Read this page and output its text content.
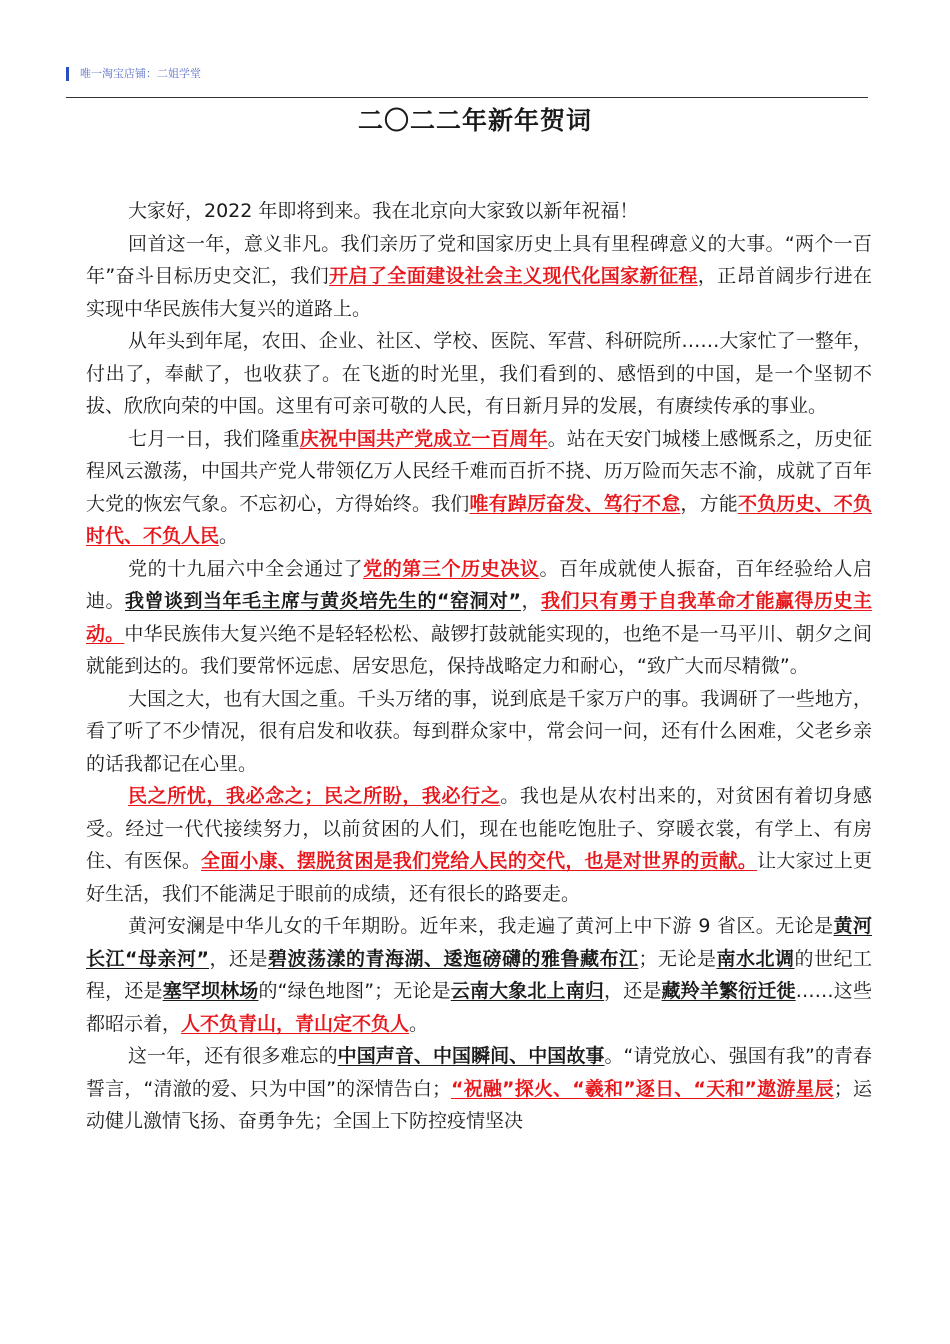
唯一淘宝店铺：二姐学堂
二〇二二年新年贺词

大家好，2022 年即将到来。我在北京向大家致以新年祝福！

回首这一年，意义非凡。我们亲历了党和国家历史上具有里程碑意义的大事。“两个一百年”奋斗目标历史交汇，我们开启了全面建设社会主义现代化国家新征程，正昂首阔步行进在实现中华民族伟大复兴的道路上。

从年头到年尾，农田、企业、社区、学校、医院、军营、科研院所……大家忙了一整年，付出了，奉献了，也收获了。在飞逝的时光里，我们看到的、感悟到的中国，是一个坚韧不拔、欣欣向荣的中国。这里有可亲可敬的人民，有日新月异的发展，有赓续传承的事业。

七月一日，我们隆重庆祝中国共产党成立一百周年。站在天安门城楼上感慨系之，历史征程风云激荡，中国共产党人带领亿万人民经千难而百折不挠、历万险而矢志不渝，成就了百年大党的恢宏气象。不忘初心，方得始终。我们唯有踔厉奋发、笃行不怠，方能不负历史、不负时代、不负人民。

党的十九届六中全会通过了党的第三个历史决议。百年成就使人振奋，百年经验给人启迪。我曾谈到当年毛主席与黄炎培先生的“窑洞对”，我们只有勇于自我革命才能赢得历史主动。中华民族伟大复兴绝不是轻轻松松、敲锣打鼓就能实现的，也绝不是一马平川、朝夕之间就能到达的。我们要常怀远虑、居安思危，保持战略定力和耐心，“致广大而尽精微”。

大国之大，也有大国之重。千头万绪的事，说到底是千家万户的事。我调研了一些地方，看了听了不少情况，很有启发和收获。每到群众家中，常会问一问，还有什么困难，父老乡亲的话我都记在心里。

民之所忧，我必念之；民之所盼，我必行之。我也是从农村出来的，对贫困有着切身感受。经过一代代接续努力，以前贫困的人们，现在也能吃饱肚子、穿暖衣裳，有学上、有房住、有医保。全面小康、摆脱贫困是我们党给人民的交代，也是对世界的贡献。让大家过上更好生活，我们不能满足于眼前的成绩，还有很长的路要走。

黄河安澜是中华儿女的千年期盼。近年来，我走遍了黄河上中下游 9 省区。无论是黄河长江“母亲河”，还是碧波荡漾的青海湖、逶迤磅礴的雅鲁藏布江；无论是南水北调的世纪工程，还是塞罕坝林场的“绿色地图”；无论是云南大象北上南归，还是藏羚羊繁衍迁徙……这些都昭示着，人不负青山，青山定不负人。

这一年，还有很多难忘的中国声音、中国瞬间、中国故事。“请党放心、强国有我”的青春誓言，“清澈的爱、只为中国”的深情告白；“祝融”探火、“羲和”逐日、“天和”遨游星辰；运动健儿激情飞扬、奋勇争先；全国上下防控疫情坚决
